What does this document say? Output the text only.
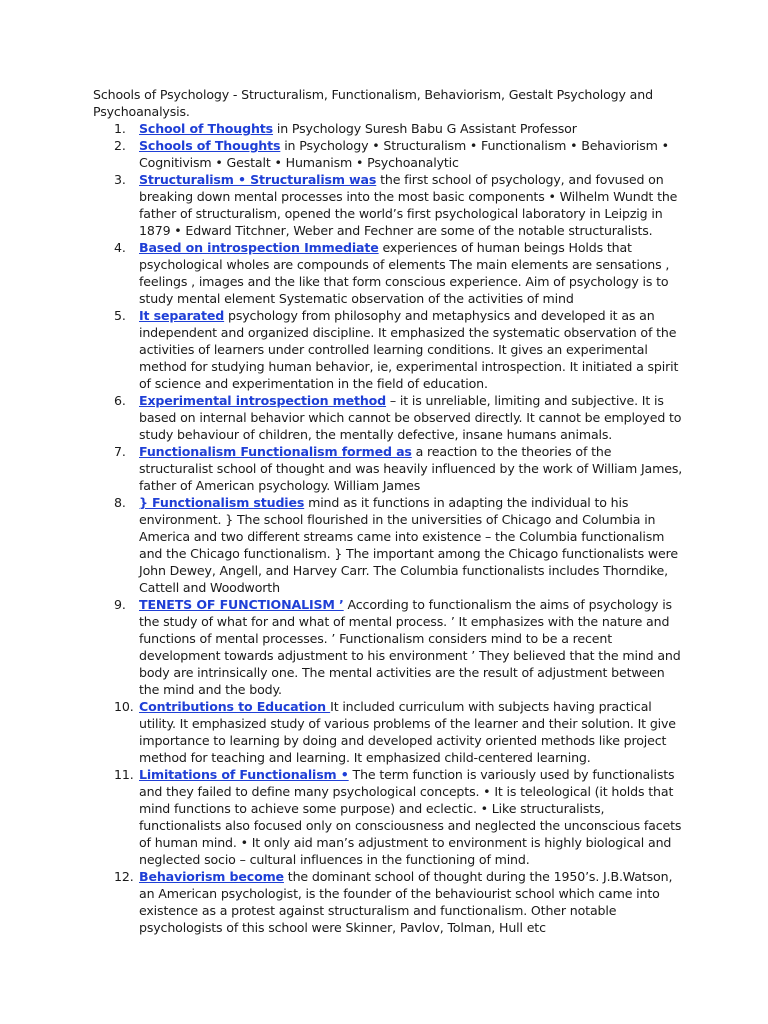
Schools of Psychology - Structuralism, Functionalism, Behaviorism, Gestalt Psychology and Psychoanalysis.

1.	School of Thoughts in Psychology Suresh Babu G Assistant Professor
2.	Schools of Thoughts in Psychology • Structuralism • Functionalism • Behaviorism • Cognitivism • Gestalt • Humanism • Psychoanalytic
3.	Structuralism • Structuralism was the first school of psychology, and fovused on breaking down mental processes into the most basic components • Wilhelm Wundt the father of structuralism, opened the world’s first psychological laboratory in Leipzig in 1879 • Edward Titchner, Weber and Fechner are some of the notable structuralists.
4.	Based on introspection Immediate experiences of human beings Holds that psychological wholes are compounds of elements The main elements are sensations , feelings , images and the like that form conscious experience. Aim of psychology is to study mental element Systematic observation of the activities of mind
5.	It separated psychology from philosophy and metaphysics and developed it as an independent and organized discipline. It emphasized the systematic observation of the activities of learners under controlled learning conditions. It gives an experimental method for studying human behavior, ie, experimental introspection. It initiated a spirit of science and experimentation in the field of education.
6.	Experimental introspection method – it is unreliable, limiting and subjective. It is based on internal behavior which cannot be observed directly. It cannot be employed to study behaviour of children, the mentally defective, insane humans animals.
7.	Functionalism Functionalism formed as a reaction to the theories of the structuralist school of thought and was heavily influenced by the work of William James, father of American psychology. William James
8.	} Functionalism studies mind as it functions in adapting the individual to his environment. } The school flourished in the universities of Chicago and Columbia in America and two different streams came into existence – the Columbia functionalism and the Chicago functionalism. } The important among the Chicago functionalists were John Dewey, Angell, and Harvey Carr. The Columbia functionalists includes Thorndike, Cattell and Woodworth
9.	TENETS OF FUNCTIONALISM ’ According to functionalism the aims of psychology is the study of what for and what of mental process. ’ It emphasizes with the nature and functions of mental processes. ’ Functionalism considers mind to be a recent development towards adjustment to his environment ’ They believed that the mind and body are intrinsically one. The mental activities are the result of adjustment between the mind and the body.
10. Contributions to Education It included curriculum with subjects having practical utility. It emphasized study of various problems of the learner and their solution. It give importance to learning by doing and developed activity oriented methods like project method for teaching and learning. It emphasized child-centered learning.
11. Limitations of Functionalism • The term function is variously used by functionalists and they failed to define many psychological concepts. • It is teleological (it holds that mind functions to achieve some purpose) and eclectic. • Like structuralists, functionalists also focused only on consciousness and neglected the unconscious facets of human mind. • It only aid man’s adjustment to environment is highly biological and neglected socio – cultural influences in the functioning of mind.
12. Behaviorism become the dominant school of thought during the 1950’s. J.B.Watson, an American psychologist, is the founder of the behaviourist school which came into existence as a protest against structuralism and functionalism. Other notable psychologists of this school were Skinner, Pavlov, Tolman, Hull etc
